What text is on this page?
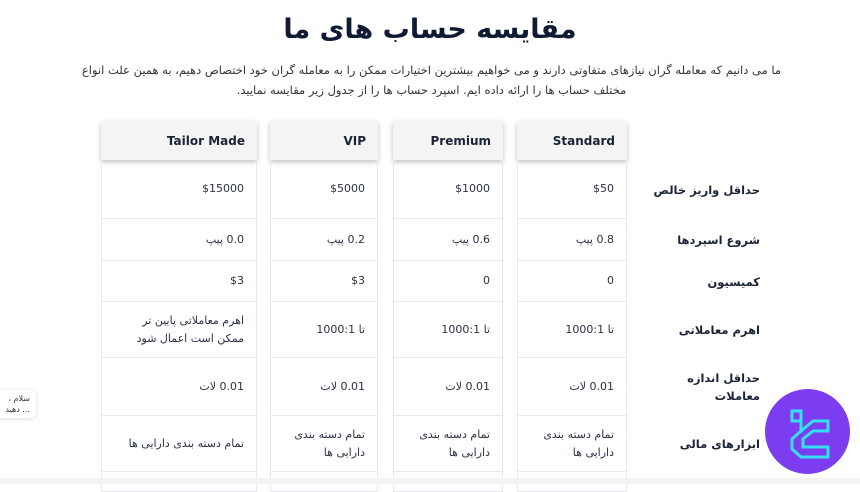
مقایسه حساب های ما
ما می دانیم که معامله گران نیازهای متفاوتی دارند و می خواهیم بیشترین اختیارات ممکن را به معامله گران خود اختصاص دهیم، به همین علت انواع مختلف حساب ها را ارائه داده ایم. اسپرد حساب ها را از جدول زیر مقایسه نمایید.
حداقل واریز خالص
شروع اسپردها
کمیسیون
اهرم معاملاتی
حداقل اندازه معاملات
ابزارهای مالی
Standard
$50
0.8 پیپ
0
تا 1000:1
0.01 لات
تمام دسته بندی دارایی ها
Premium
$1000
0.6 پیپ
0
تا 1000:1
0.01 لات
تمام دسته بندی دارایی ها
VIP
$5000
0.2 پیپ
$3
تا 1000:1
0.01 لات
تمام دسته بندی دارایی ها
Tailor Made
$15000
0.0 پیپ
$3
اهرم معاملاتی پایین تر ممکن است اعمال شود
0.01 لات
تمام دسته بندی دارایی ها
سلام ، ... دهید
